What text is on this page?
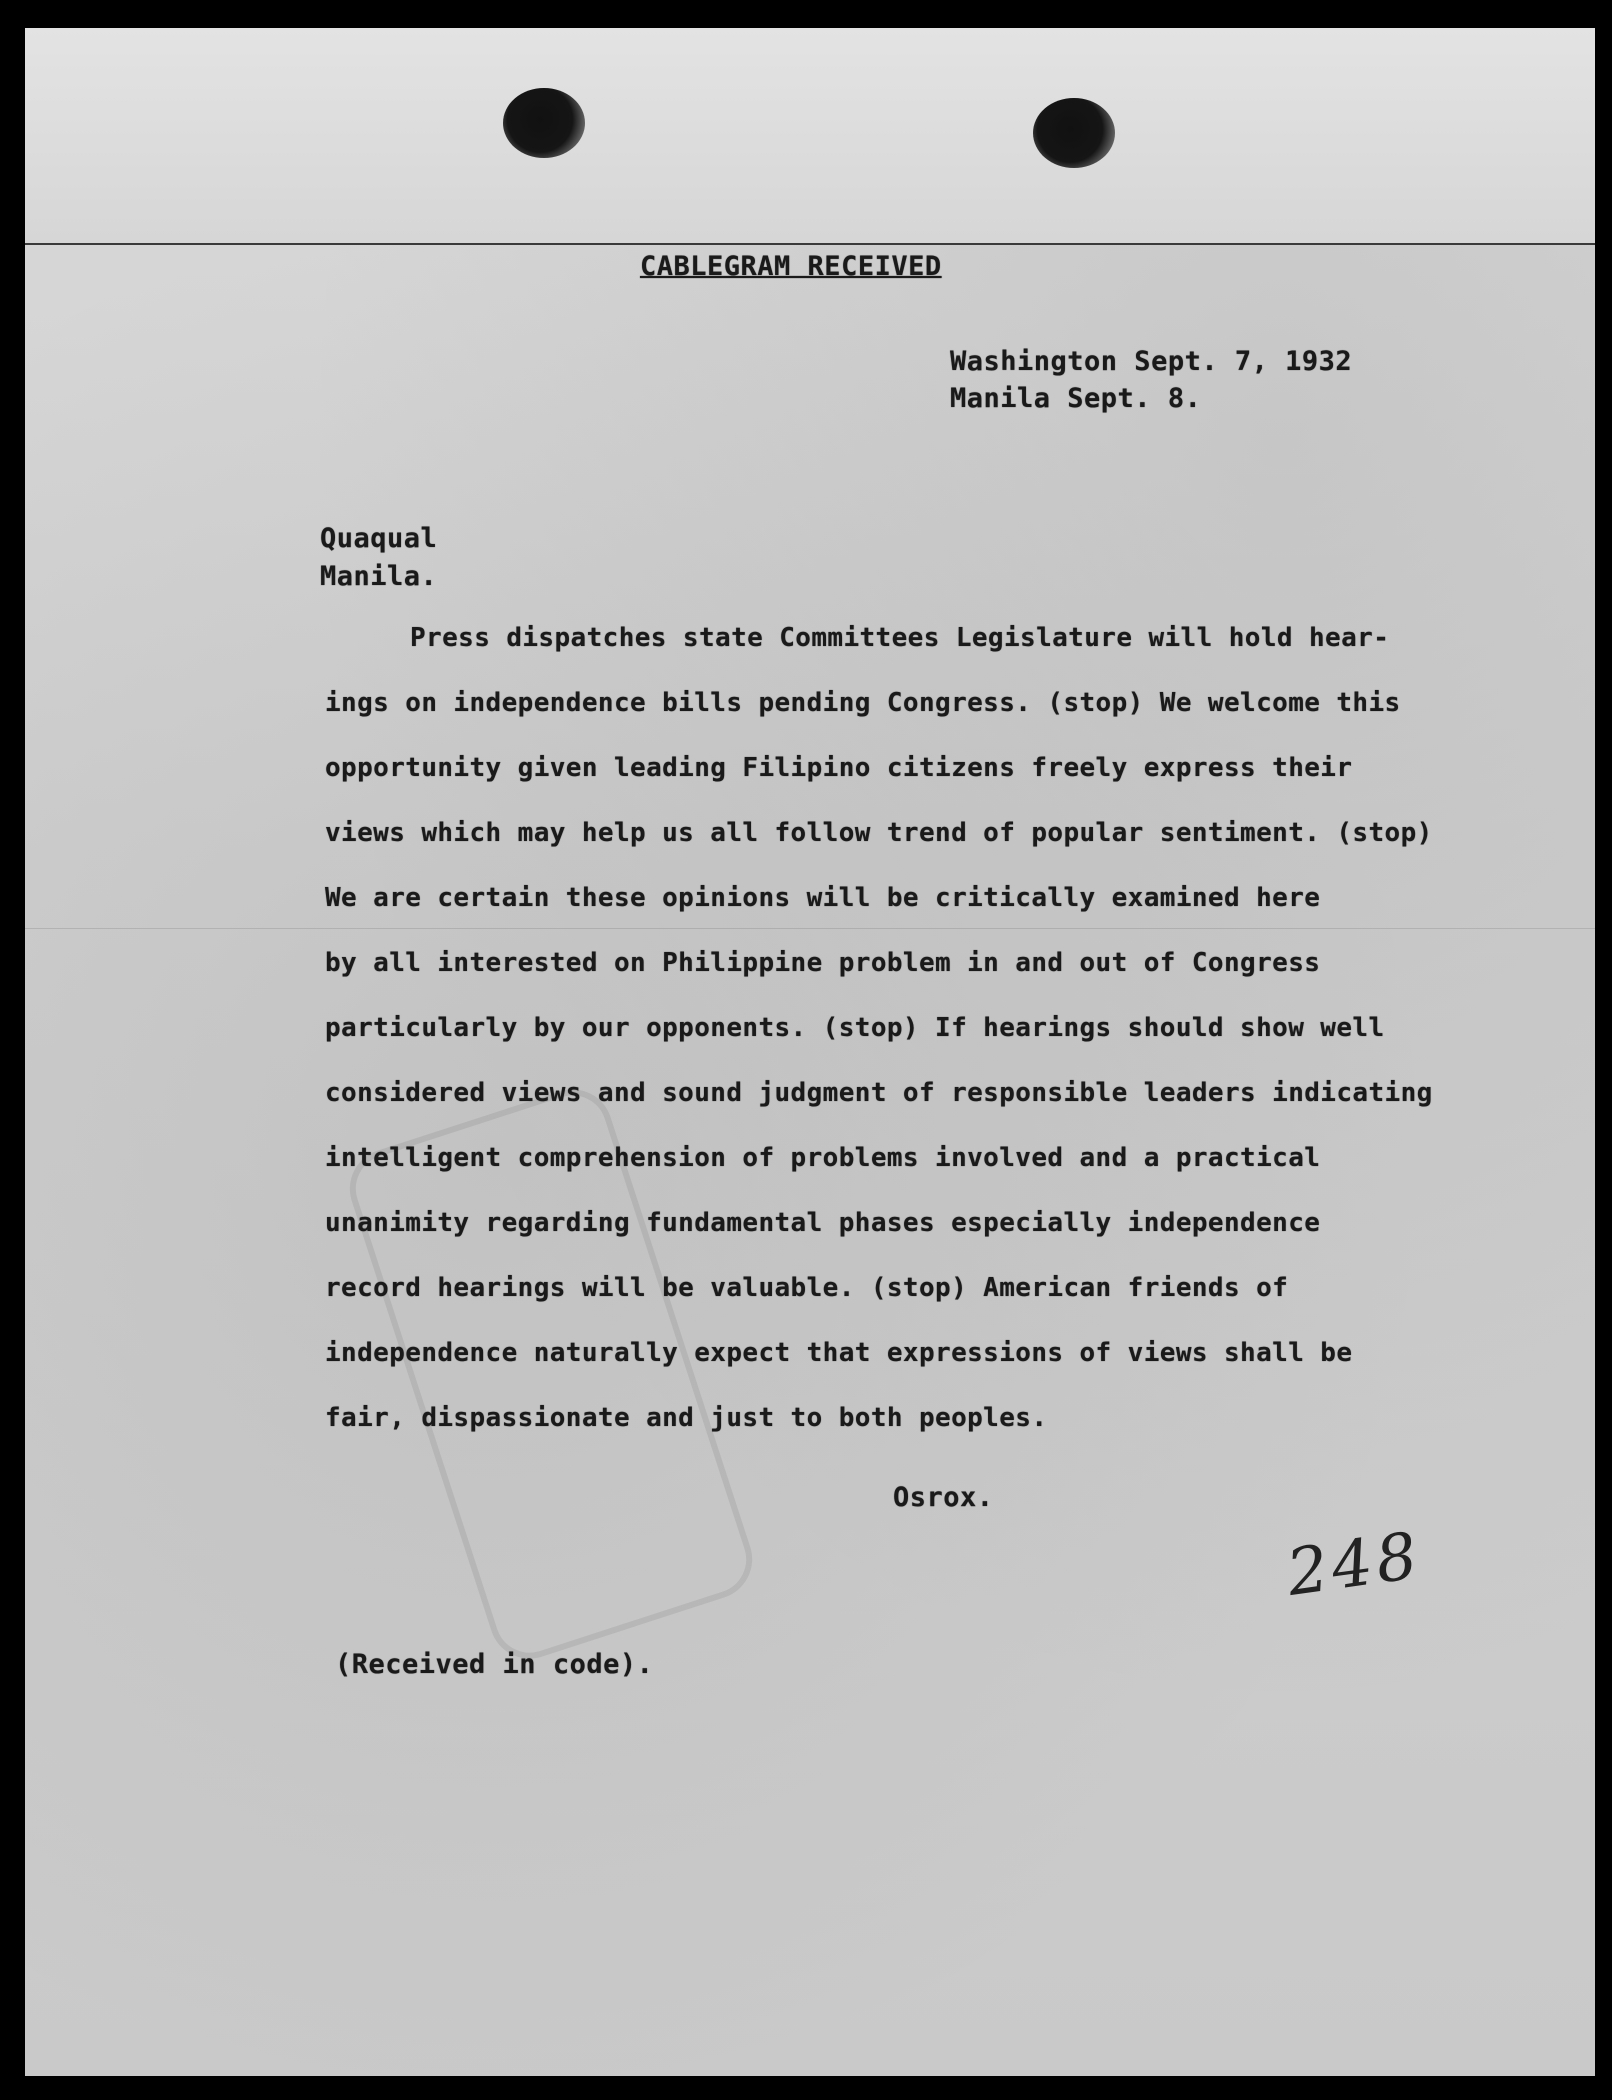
CABLEGRAM RECEIVED
Washington Sept. 7, 1932
Manila Sept. 8.
Quaqual
Manila.
Press dispatches state Committees Legislature will hold hear-
ings on independence bills pending Congress. (stop) We welcome this
opportunity given leading Filipino citizens freely express their
views which may help us all follow trend of popular sentiment. (stop)
We are certain these opinions will be critically examined here
by all interested on Philippine problem in and out of Congress
particularly by our opponents. (stop) If hearings should show well
considered views and sound judgment of responsible leaders indicating
intelligent comprehension of problems involved and a practical
unanimity regarding fundamental phases especially independence
record hearings will be valuable. (stop) American friends of
independence naturally expect that expressions of views shall be
fair, dispassionate and just to both peoples.
Osrox.
248
(Received in code).
